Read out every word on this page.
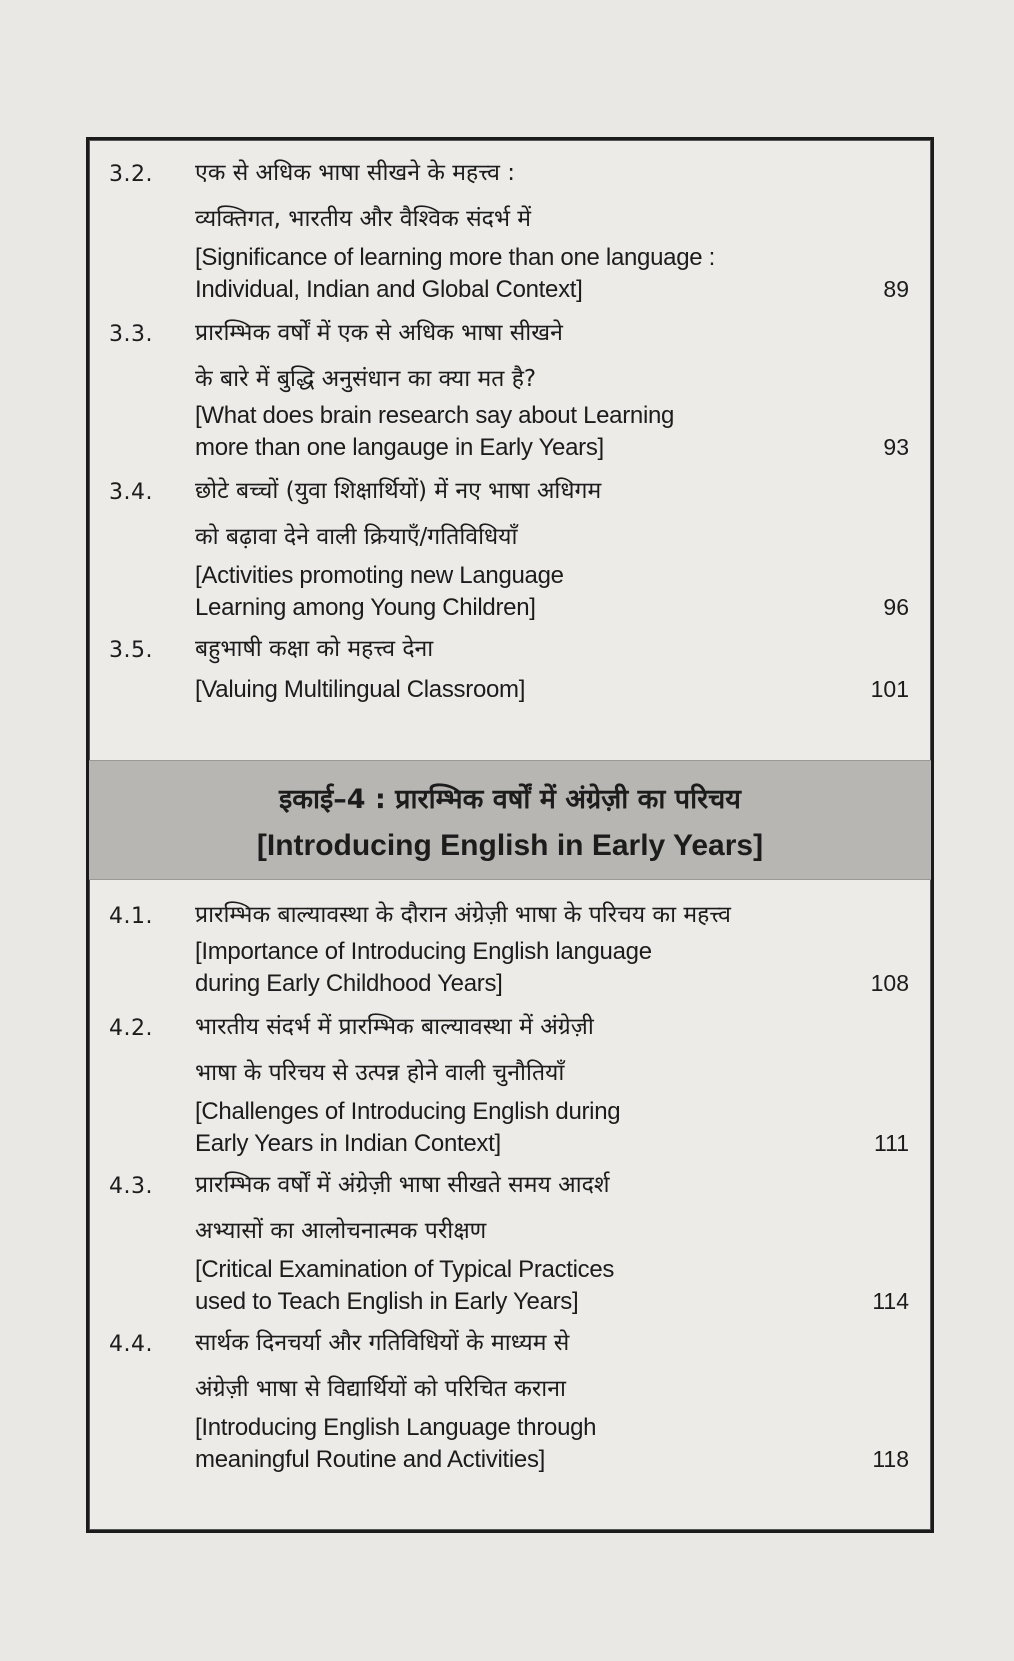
3.2.	एक से अधिक भाषा सीखने के महत्त्व :
व्यक्तिगत, भारतीय और वैश्विक संदर्भ में
[Significance of learning more than one language :
Individual, Indian and Global Context]	89
3.3.	प्रारम्भिक वर्षों में एक से अधिक भाषा सीखने
के बारे में बुद्धि अनुसंधान का क्या मत है?
[What does brain research say about Learning
more than one langauge in Early Years]	93
3.4.	छोटे बच्चों (युवा शिक्षार्थियों) में नए भाषा अधिगम
को बढ़ावा देने वाली क्रियाएँ/गतिविधियाँ
[Activities promoting new Language
Learning among Young Children]	96
3.5.	बहुभाषी कक्षा को महत्त्व देना
[Valuing Multilingual Classroom]	101
इकाई–4 : प्रारम्भिक वर्षों में अंग्रेज़ी का परिचय
[Introducing English in Early Years]
4.1.	प्रारम्भिक बाल्यावस्था के दौरान अंग्रेज़ी भाषा के परिचय का महत्त्व
[Importance of Introducing English language
during Early Childhood Years]	108
4.2.	भारतीय संदर्भ में प्रारम्भिक बाल्यावस्था में अंग्रेज़ी
भाषा के परिचय से उत्पन्न होने वाली चुनौतियाँ
[Challenges of Introducing English during
Early Years in Indian Context]	111
4.3.	प्रारम्भिक वर्षों में अंग्रेज़ी भाषा सीखते समय आदर्श
अभ्यासों का आलोचनात्मक परीक्षण
[Critical Examination of Typical Practices
used to Teach English in Early Years]	114
4.4.	सार्थक दिनचर्या और गतिविधियों के माध्यम से
अंग्रेज़ी भाषा से विद्यार्थियों को परिचित कराना
[Introducing English Language through
meaningful Routine and Activities]	118
